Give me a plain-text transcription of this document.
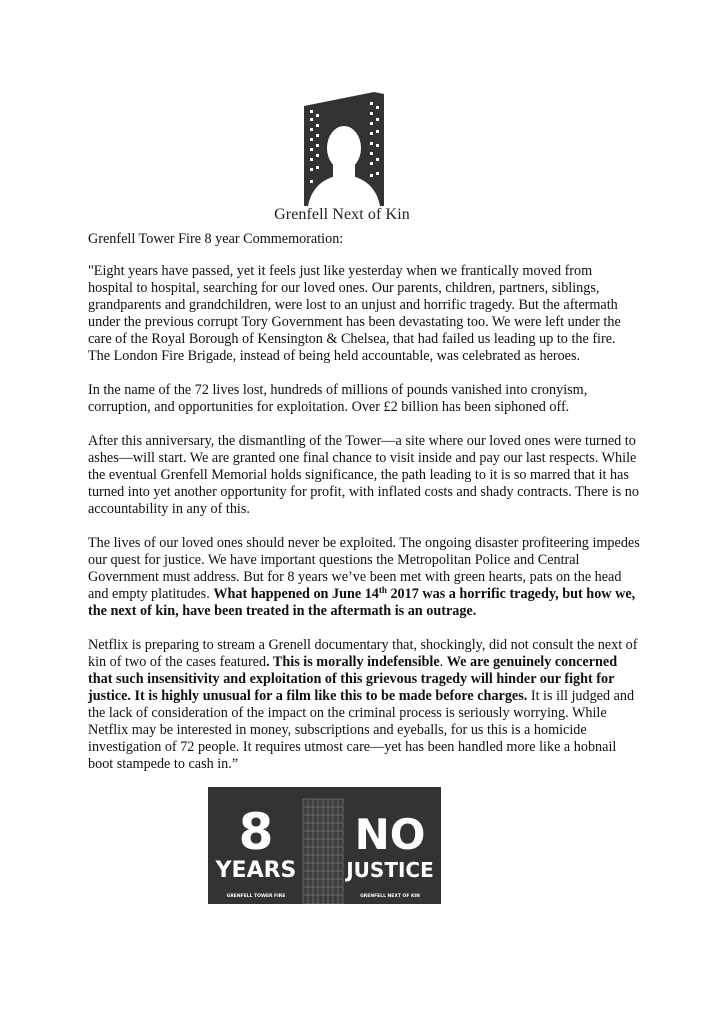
Grenfell Next of Kin

Grenfell Tower Fire 8 year Commemoration:

"Eight years have passed, yet it feels just like yesterday when we frantically moved from hospital to hospital, searching for our loved ones. Our parents, children, partners, siblings, grandparents and grandchildren, were lost to an unjust and horrific tragedy. But the aftermath under the previous corrupt Tory Government has been devastating too. We were left under the care of the Royal Borough of Kensington & Chelsea, that had failed us leading up to the fire. The London Fire Brigade, instead of being held accountable, was celebrated as heroes.

In the name of the 72 lives lost, hundreds of millions of pounds vanished into cronyism, corruption, and opportunities for exploitation. Over £2 billion has been siphoned off.

After this anniversary, the dismantling of the Tower—a site where our loved ones were turned to ashes—will start. We are granted one final chance to visit inside and pay our last respects. While the eventual Grenfell Memorial holds significance, the path leading to it is so marred that it has turned into yet another opportunity for profit, with inflated costs and shady contracts. There is no accountability in any of this.

The lives of our loved ones should never be exploited. The ongoing disaster profiteering impedes our quest for justice. We have important questions the Metropolitan Police and Central Government must address. But for 8 years we’ve been met with green hearts, pats on the head and empty platitudes. What happened on June 14th 2017 was a horrific tragedy, but how we, the next of kin, have been treated in the aftermath is an outrage.

Netflix is preparing to stream a Grenell documentary that, shockingly, did not consult the next of kin of two of the cases featured. This is morally indefensible. We are genuinely concerned that such insensitivity and exploitation of this grievous tragedy will hinder our fight for justice. It is highly unusual for a film like this to be made before charges. It is ill judged and the lack of consideration of the impact on the criminal process is seriously worrying. While Netflix may be interested in money, subscriptions and eyeballs, for us this is a homicide investigation of 72 people. It requires utmost care—yet has been handled more like a hobnail boot stampede to cash in.”

8
YEARS
NO
JUSTICE
GRENFELL TOWER FIRE	GRENFELL NEXT OF KIN
